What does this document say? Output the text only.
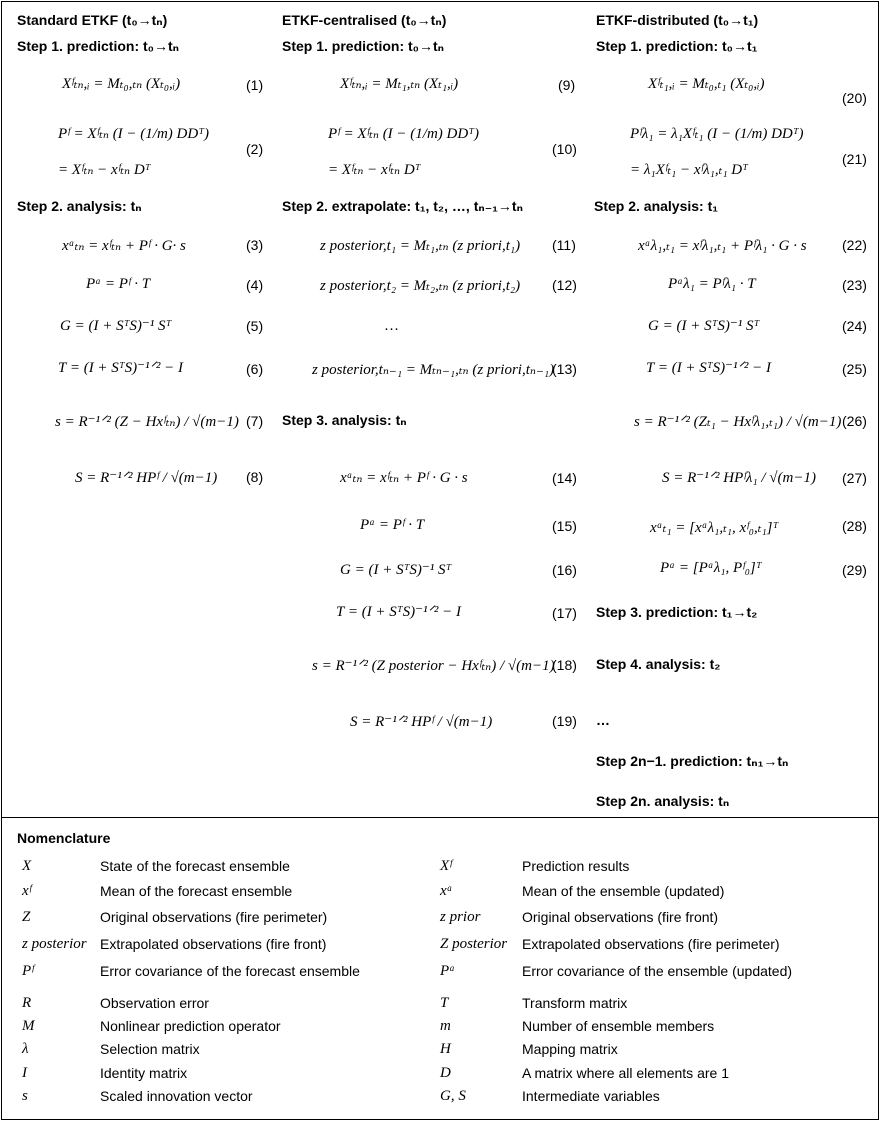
Standard ETKF (t₀→tₙ)	ETKF-centralised (t₀→tₙ)	ETKF-distributed (t₀→t₁)
Step 1. prediction: t₀→tₙ
Xᶠₜₙ,ᵢ = Mₜ₀,ₜₙ (Xₜ₀,ᵢ)	(1)
Pᶠ = Xᶠₜₙ (I − (1/m) DDᵀ)
= Xᶠₜₙ − xᶠₜₙ Dᵀ
(2)
Step 2. analysis: tₙ
xᵃₜₙ = xᶠₜₙ + Pᶠ · G· s	(3)
Pᵃ = Pᶠ · T	(4)
G = (I + SᵀS)⁻¹ Sᵀ	(5)
T = (I + SᵀS)⁻¹ᐟ² − I	(6)
s = R⁻¹ᐟ² (Z − Hxᶠₜₙ) / √(m−1) (7)
S = R⁻¹ᐟ² HPᶠ / √(m−1) (8)
Step 1. prediction: t₀→tₙ
Xᶠₜₙ,ᵢ = Mₜ₁,ₜₙ (Xₜ₁,ᵢ)	(9)
Pᶠ = Xᶠₜₙ (I − (1/m) DDᵀ)
= Xᶠₜₙ − xᶠₜₙ Dᵀ
(10)
Step 2. extrapolate: t₁, t₂, …, tₙ₋₁→tₙ
z posterior,t₁ = Mₜ₁,ₜₙ (z priori,t₁) (11)
z posterior,t₂ = Mₜ₂,ₜₙ (z priori,t₂) (12)
…
z posterior,tₙ₋₁ = Mₜₙ₋₁,ₜₙ (z priori,tₙ₋₁)
(13)
Step 3. analysis: tₙ
xᵃₜₙ = xᶠₜₙ + Pᶠ · G · s	(14)
Pᵃ = Pᶠ · T	(15)
G = (I + SᵀS)⁻¹ Sᵀ	(16)
T = (I + SᵀS)⁻¹ᐟ² − I	(17)
s = R⁻¹ᐟ² (Z posterior − Hxᶠₜₙ) / √(m−1)
(18)
S = R⁻¹ᐟ² HPᶠ / √(m−1)	(19)
Step 1. prediction: t₀→t₁
Xᶠₜ₁,ᵢ = Mₜ₀,ₜ₁ (Xₜ₀,ᵢ)
(20)
Pᶠλ₁ = λ₁Xᶠₜ₁ (I − (1/m) DDᵀ)
= λ₁Xᶠₜ₁ − xᶠλ₁,ₜ₁ Dᵀ
(21)
Step 2. analysis: t₁
xᵃλ₁,ₜ₁ = xᶠλ₁,ₜ₁ + Pᶠλ₁ · G · s	(22)
Pᵃλ₁ = Pᶠλ₁ · T	(23)
G = (I + SᵀS)⁻¹ Sᵀ	(24)
T = (I + SᵀS)⁻¹ᐟ² − I	(25)
s = R⁻¹ᐟ² (Zₜ₁ − Hxᶠλ₁,ₜ₁) / √(m−1) (26)
S = R⁻¹ᐟ² HPᶠλ₁ / √(m−1) (27)
xᵃₜ₁ = [xᵃλ₁,ₜ₁, xᶠ₀,ₜ₁]ᵀ	(28)
Pᵃ = [Pᵃλ₁, Pᶠ₀]ᵀ	(29)
Step 3. prediction: t₁→t₂
Step 4. analysis: t₂
…
Step 2n−1. prediction: tₙ₁→tₙ
Step 2n. analysis: tₙ
Nomenclature
X	State of the forecast ensemble
xᶠ	Mean of the forecast ensemble
Z	Original observations (fire perimeter)
z posterior Extrapolated observations (fire front)
Pᶠ	Error covariance of the forecast ensemble
R	Observation error
M	Nonlinear prediction operator
λ	Selection matrix
I	Identity matrix
s	Scaled innovation vector
Xᶠ	Prediction results
xᵃ	Mean of the ensemble (updated)
z prior	Original observations (fire front)
Z posterior Extrapolated observations (fire perimeter)
Pᵃ	Error covariance of the ensemble (updated)
T	Transform matrix
m	Number of ensemble members
H	Mapping matrix
D	A matrix where all elements are 1
G, S	Intermediate variables
